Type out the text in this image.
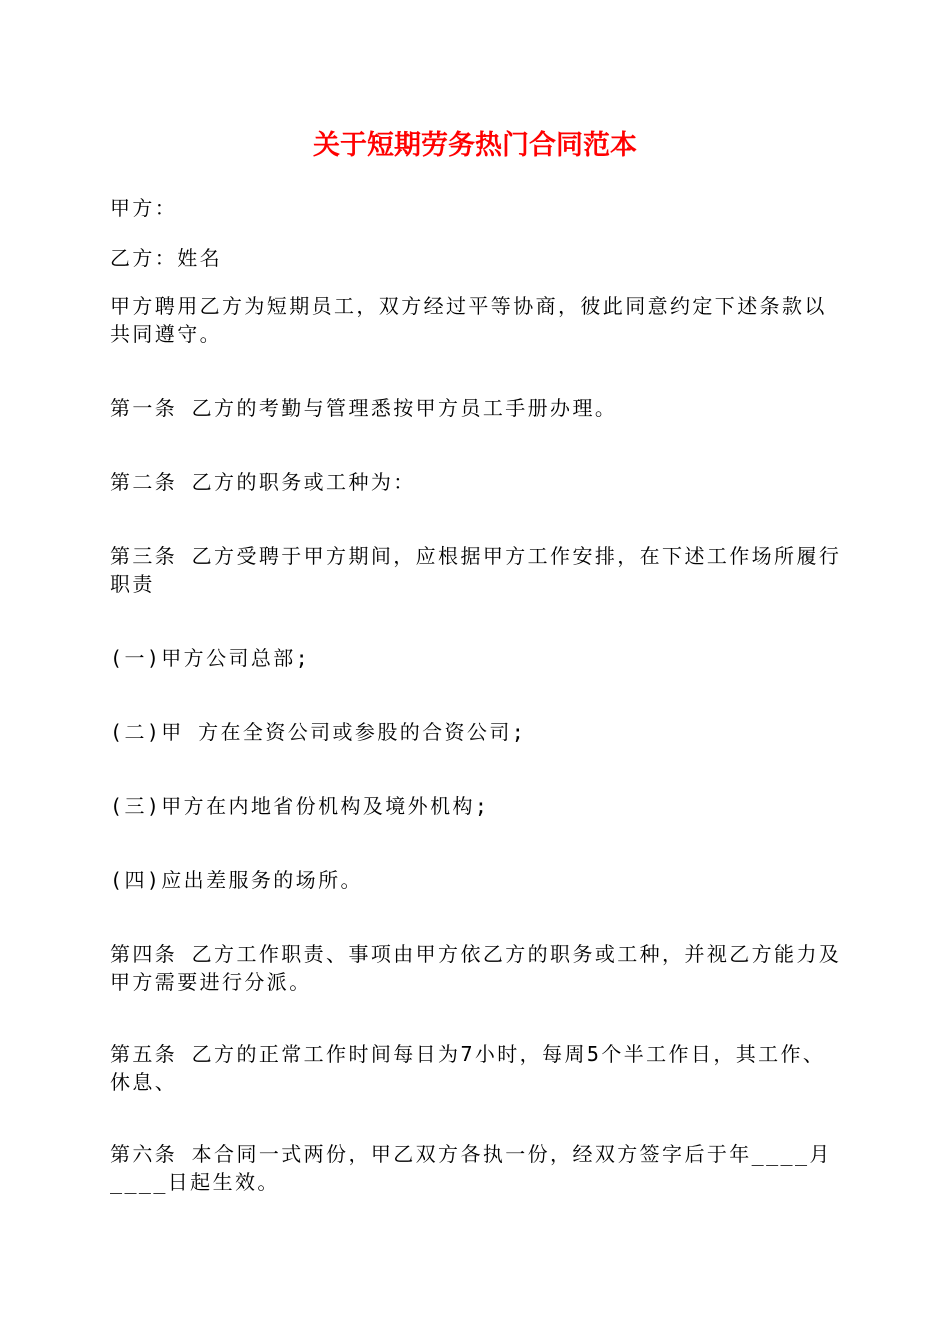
关于短期劳务热门合同范本

甲方：

乙方：姓名

甲方聘用乙方为短期员工，双方经过平等协商，彼此同意约定下述条款以共同遵守。

第一条 乙方的考勤与管理悉按甲方员工手册办理。

第二条 乙方的职务或工种为：

第三条 乙方受聘于甲方期间，应根据甲方工作安排，在下述工作场所履行职责

(一)甲方公司总部;

(二)甲 方在全资公司或参股的合资公司;

(三)甲方在内地省份机构及境外机构;

(四)应出差服务的场所。

第四条 乙方工作职责、事项由甲方依乙方的职务或工种，并视乙方能力及甲方需要进行分派。

第五条 乙方的正常工作时间每日为7小时，每周5个半工作日，其工作、休息、

第六条 本合同一式两份，甲乙双方各执一份，经双方签字后于年____月____日起生效。
